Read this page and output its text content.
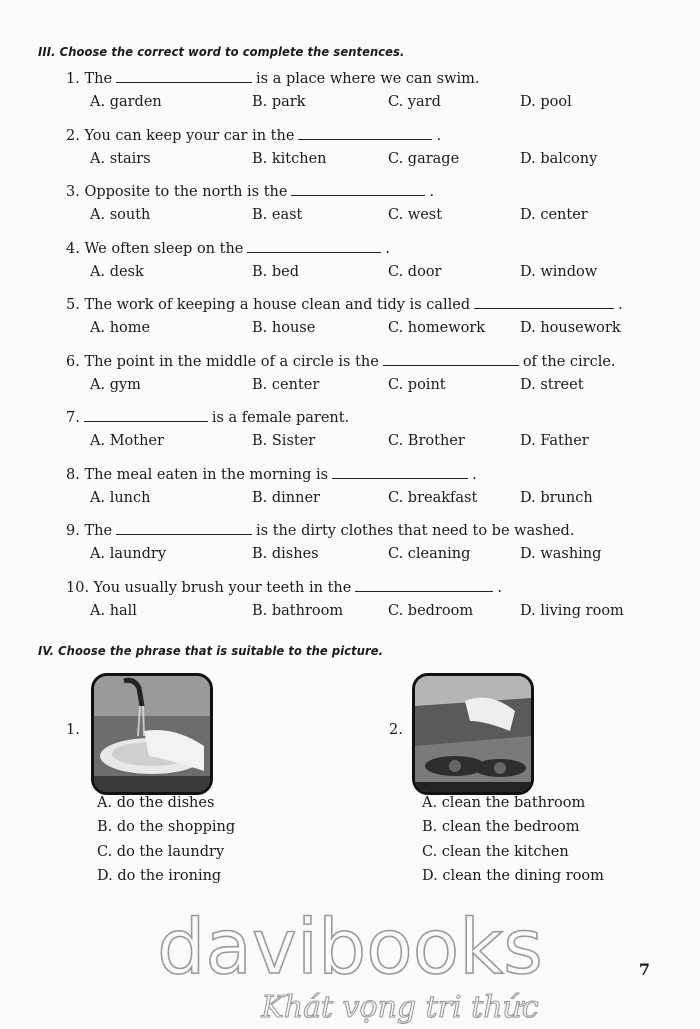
III. Choose the correct word to complete the sentences.
1. The	is a place where we can swim.
A. garden	B. park	C. yard	D. pool
2. You can keep your car in the	.
A. stairs	B. kitchen	C. garage	D. balcony
3. Opposite to the north is the	.
A. south	B. east	C. west	D. center
4. We often sleep on the	.
A. desk	B. bed	C. door	D. window
5. The work of keeping a house clean and tidy is called	.
A. home	B. house	C. homework D. housework
6. The point in the middle of a circle is the	of the circle.
A. gym	B. center	C. point	D. street
7.	is a female parent.
A. Mother	B. Sister	C. Brother	D. Father
8. The meal eaten in the morning is	.
A. lunch	B. dinner	C. breakfast	D. brunch
9. The	is the dirty clothes that need to be washed.
A. laundry	B. dishes	C. cleaning	D. washing
10. You usually brush your teeth in the	.
A. hall	B. bathroom	C. bedroom	D. living room
IV. Choose the phrase that is suitable to the picture.
1.
A. do the dishes
B. do the shopping
C. do the laundry
D. do the ironing
2.
A. clean the bathroom
B. clean the bedroom
C. clean the kitchen
D. clean the dining room
davibooks
Khát vọng tri thức
7
